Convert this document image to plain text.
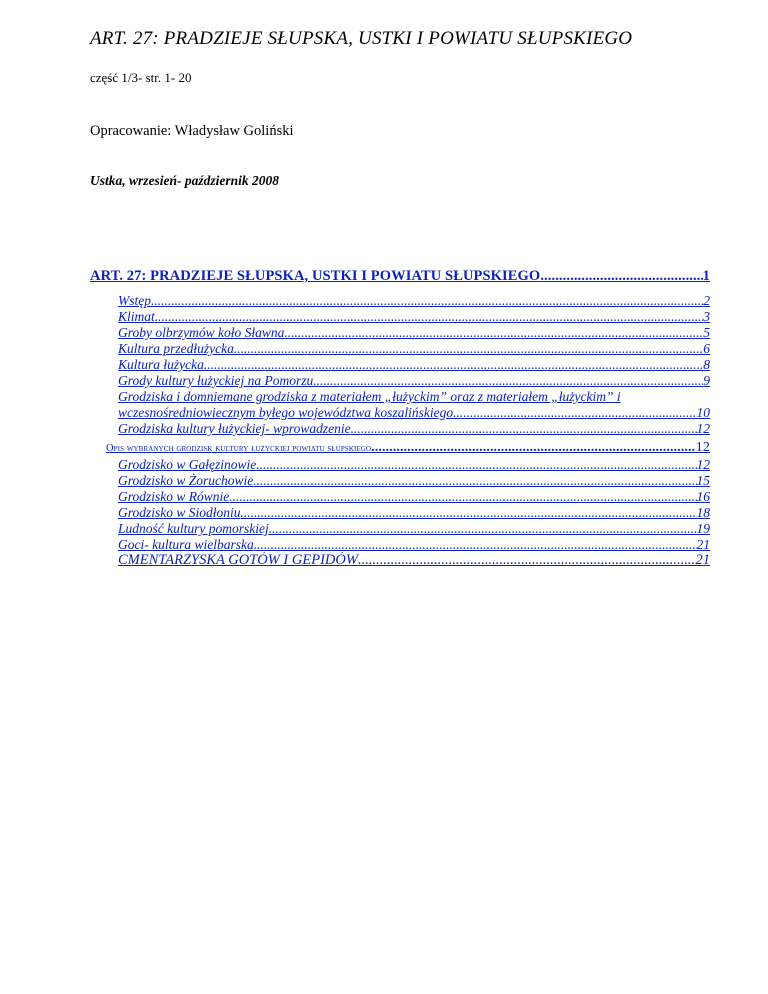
ART. 27: PRADZIEJE SŁUPSKA, USTKI I POWIATU SŁUPSKIEGO
część 1/3- str. 1- 20
Opracowanie: Władysław Goliński
Ustka, wrzesień- październik 2008
ART. 27: PRADZIEJE SŁUPSKA, USTKI I POWIATU SŁUPSKIEGO .....	1
Wstęp .....	2
Klimat .....	3
Groby olbrzymów koło Sławna .....	5
Kultura przedłużycka .....	6
Kultura łużycka .....	8
Grody kultury łużyckiej na Pomorzu .....	9
Grodziska i domniemane grodziska z materiałem „łużyckim” oraz z materiałem „łużyckim” i
wczesnośredniowiecznym byłego województwa koszalińskiego .....	10
Grodziska kultury łużyckiej- wprowadzenie .....	12
Opis wybranych grodzisk kultury łużyckiej powiatu słupskiego .....	12
Grodzisko w Gałęzinowie .....	12
Grodzisko w Żoruchowie .....	15
Grodzisko w Równie .....	16
Grodzisko w Siodłoniu .....	18
Ludność kultury pomorskiej .....	19
Goci- kultura wielbarska .....	21
CMENTARZYSKA GOTÓW I GEPIDÓW .....	21
